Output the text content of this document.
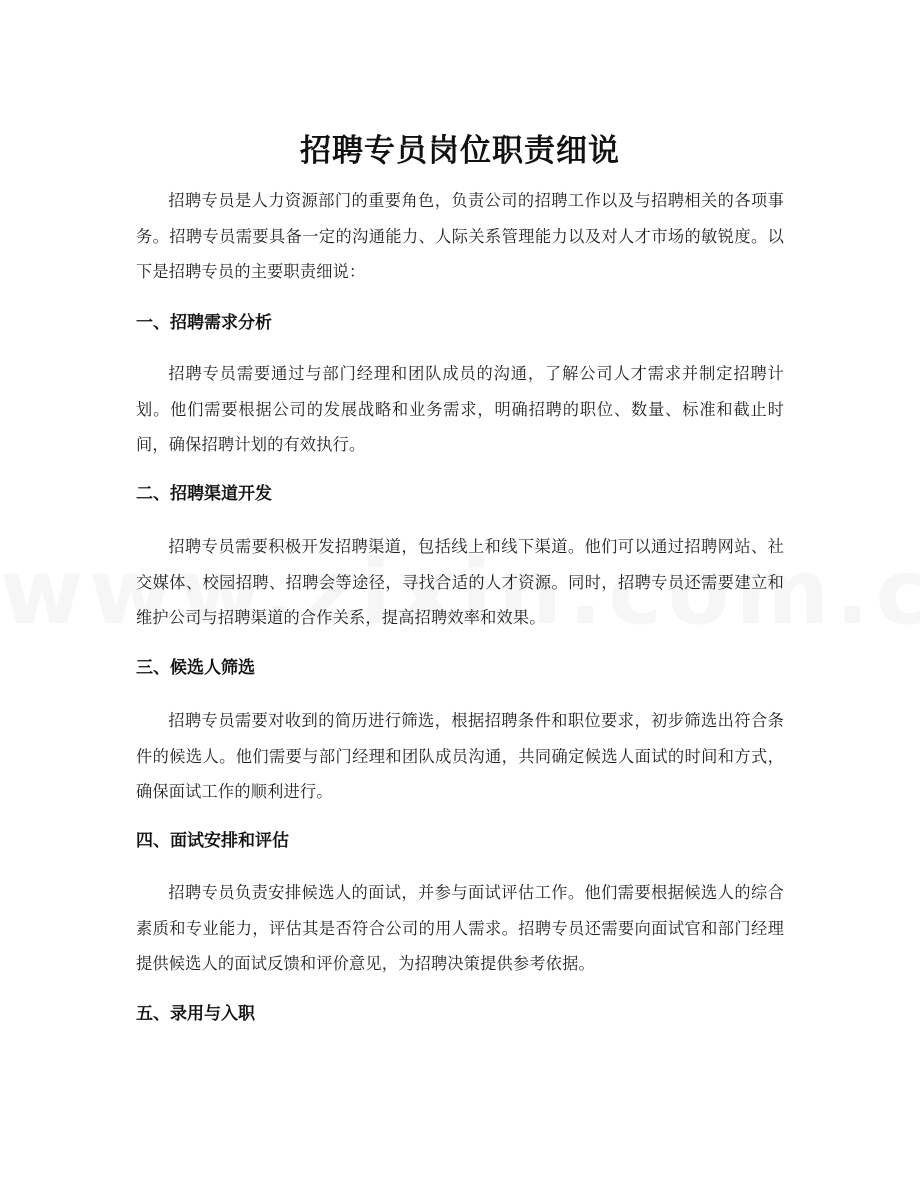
招聘专员岗位职责细说

招聘专员是人力资源部门的重要角色，负责公司的招聘工作以及与招聘相关的各项事务。招聘专员需要具备一定的沟通能力、人际关系管理能力以及对人才市场的敏锐度。以下是招聘专员的主要职责细说：

一、招聘需求分析

招聘专员需要通过与部门经理和团队成员的沟通，了解公司人才需求并制定招聘计划。他们需要根据公司的发展战略和业务需求，明确招聘的职位、数量、标准和截止时间，确保招聘计划的有效执行。

二、招聘渠道开发

招聘专员需要积极开发招聘渠道，包括线上和线下渠道。他们可以通过招聘网站、社交媒体、校园招聘、招聘会等途径，寻找合适的人才资源。同时，招聘专员还需要建立和维护公司与招聘渠道的合作关系，提高招聘效率和效果。

三、候选人筛选

招聘专员需要对收到的简历进行筛选，根据招聘条件和职位要求，初步筛选出符合条件的候选人。他们需要与部门经理和团队成员沟通，共同确定候选人面试的时间和方式，确保面试工作的顺利进行。

四、面试安排和评估

招聘专员负责安排候选人的面试，并参与面试评估工作。他们需要根据候选人的综合素质和专业能力，评估其是否符合公司的用人需求。招聘专员还需要向面试官和部门经理提供候选人的面试反馈和评价意见，为招聘决策提供参考依据。

五、录用与入职
